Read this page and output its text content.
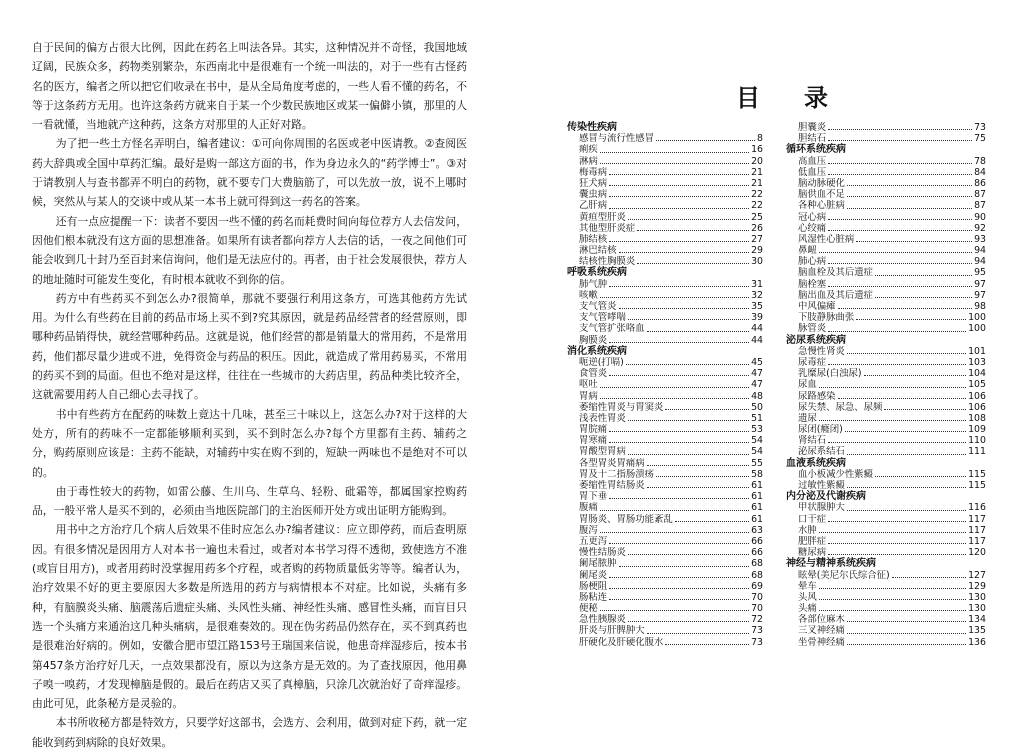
自于民间的偏方占很大比例，因此在药名上叫法各异。其实，这种情况并不奇怪，我国地域辽阔，民族众多，药物类别繁杂，东西南北中是很难有一个统一叫法的，对于一些有古怪药名的医方，编者之所以把它们收录在书中，是从全局角度考虑的，一些人看不懂的药名，不等于这条药方无用。也许这条药方就来自于某一个少数民族地区或某一偏僻小镇，那里的人一看就懂，当地就产这种药，这条方对那里的人正好对路。

为了把一些土方怪名弄明白，编者建议：①可向你周围的名医或老中医请教。②查阅医药大辞典或全国中草药汇编。最好是购一部这方面的书，作为身边永久的“药学博士”。③对于请教别人与查书都弄不明白的药物，就不要专门大费脑筋了，可以先放一放，说不上哪时候，突然从与某人的交谈中或从某一本书上就可得到这一药名的答案。

还有一点应提醒一下：读者不要因一些不懂的药名而耗费时间向每位荐方人去信发问，因他们根本就没有这方面的思想准备。如果所有读者都向荐方人去信的话，一夜之间他们可能会收到几十封乃至百封来信询问，他们是无法应付的。再者，由于社会发展很快，荐方人的地址随时可能发生变化，有时根本就收不到你的信。

药方中有些药买不到怎么办?很简单，那就不要强行利用这条方，可选其他药方先试用。为什么有些药在目前的药品市场上买不到?究其原因，就是药品经营者的经营原则，即哪种药品销得快，就经营哪种药品。这就是说，他们经营的都是销量大的常用药，不是常用药，他们都尽量少进或不进，免得资金与药品的积压。因此，就造成了常用药易买，不常用的药买不到的局面。但也不绝对是这样，往往在一些城市的大药店里，药品种类比较齐全，这就需要用药人自己细心去寻找了。

书中有些药方在配药的味数上竟达十几味，甚至三十味以上，这怎么办?对于这样的大处方，所有的药味不一定都能够顺利买到，买不到时怎么办?每个方里都有主药、辅药之分，购药原则应该是：主药不能缺，对辅药中实在购不到的，短缺一两味也不是绝对不可以的。

由于毒性较大的药物，如雷公藤、生川乌、生草乌、轻粉、砒霜等，都属国家控购药品，一般平常人是买不到的，必须由当地医院部门的主治医师开处方或出证明方能购到。

用书中之方治疗几个病人后效果不佳时应怎么办?编者建议：应立即停药，而后查明原因。有很多情况是因用方人对本书一遍也未看过，或者对本书学习得不透彻，致使选方不准(或盲目用方)，或者用药时没掌握用药多个疗程，或者购的药物质量低劣等等。编者认为，治疗效果不好的更主要原因大多数是所选用的药方与病情根本不对症。比如说，头痛有多种，有脑膜炎头痛、脑震荡后遗症头痛、头风性头痛、神经性头痛、感冒性头痛，而盲目只选一个头痛方来通治这几种头痛病，是很难奏效的。现在伪劣药品仍然存在，买不到真药也是很难治好病的。例如，安徽合肥市望江路153号王瑞国来信说，他患奇痒湿疹后，按本书第457条方治疗好几天，一点效果都没有，原以为这条方是无效的。为了查找原因，他用鼻子嗅一嗅药，才发现樟脑是假的。最后在药店又买了真樟脑，只涂几次就治好了奇痒湿疹。由此可见，此条秘方是灵验的。

本书所收秘方都是特效方，只要学好这部书，会选方、会利用，做到对症下药，就一定能收到药到病除的良好效果。

目　录
传染性疾病
感冒与流行性感冒	8
痢疾	16
淋病	20
梅毒病	21
狂犬病	21
囊虫病	22
乙肝病	22
黄疸型肝炎	25
其他型肝炎症	26
肺结核	27
淋巴结核	29
结核性胸膜炎	30
呼吸系统疾病
肺气肿	31
咳嗽	32
支气管炎	35
支气管哮喘	39
支气管扩张咯血	44
胸膜炎	44
消化系统疾病
呃逆(打嗝)	45
食管炎	47
呕吐	47
胃病	48
萎缩性胃炎与胃窦炎	50
浅表性胃炎	51
胃脘痛	53
胃寒痛	54
胃酸型胃病	54
各型胃炎胃痛病	55
胃及十二指肠溃疡	58
萎缩性胃结肠炎	61
胃下垂	61
腹痛	61
胃肠炎、胃肠功能紊乱	61
腹泻	63
五更泻	66
慢性结肠炎	66
阑尾脓肿	68
阑尾炎	68
肠梗阻	69
肠粘连	70
便秘	70
急性胰腺炎	72
肝炎与肝脾肿大	73
肝硬化及肝硬化腹水	73
胆囊炎	73
胆结石	75
循环系统疾病
高血压	78
低血压	84
脑动脉硬化	86
脑供血不足	87
各种心脏病	87
冠心病	90
心绞痛	92
风湿性心脏病	93
鼻衄	94
肺心病	94
脑血栓及其后遗症	95
脑栓塞	97
脑出血及其后遗症	97
中风偏瘫	98
下肢静脉曲张	100
脉管炎	100
泌尿系统疾病
急慢性肾炎	101
尿毒症	103
乳糜尿(白浊尿)	104
尿血	105
尿路感染	106
尿失禁、尿急、尿频	106
遗尿	108
尿闭(癃闭)	109
肾结石	110
泌尿系结石	111
血液系统疾病
血小板减少性紫癜	115
过敏性紫癜	115
内分泌及代谢疾病
甲状腺肿大	116
口干症	117
水肿	117
肥胖症	117
糖尿病	120
神经与精神系统疾病
眩晕(美尼尔氏综合征)	127
晕车	129
头风	130
头痛	130
各部位麻木	134
三叉神经痛	135
坐骨神经痛	136
